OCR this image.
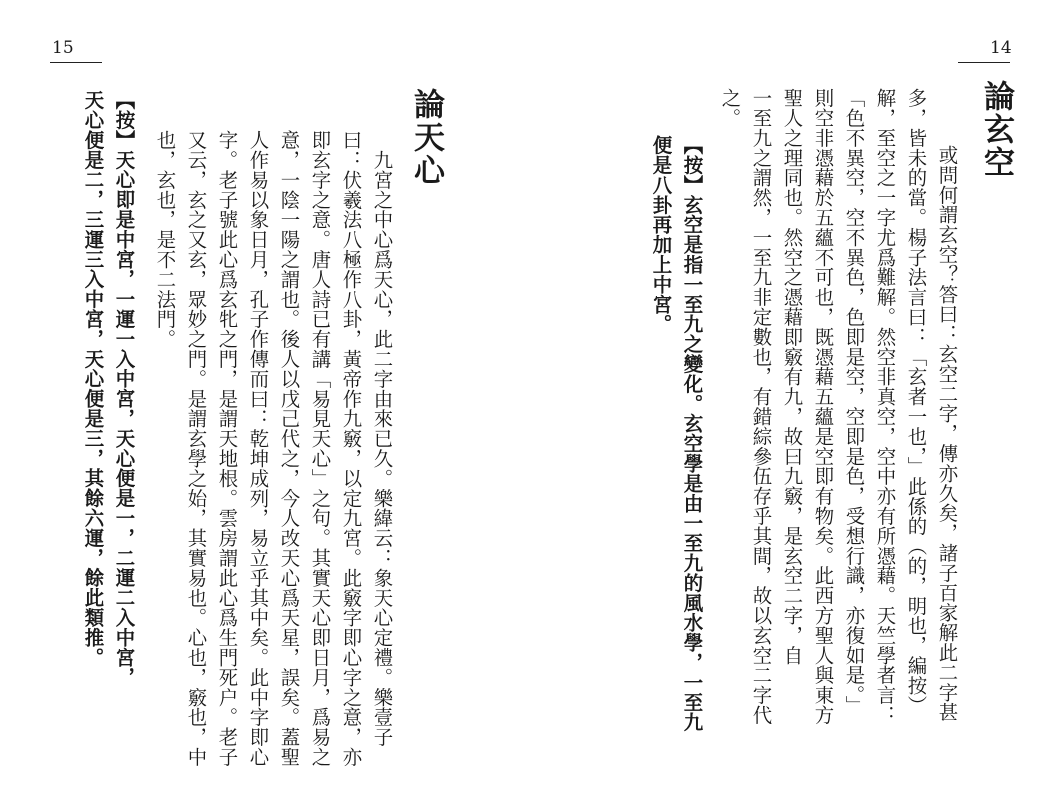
15
論天心
　九宮之中心爲天心，此二字由來已久。樂緯云：象天心定禮。樂壹子
曰：伏羲法八極作八卦，黃帝作九竅，以定九宮。此竅字即心字之意，亦
即玄字之意。唐人詩已有講「易見天心」之句。其實天心即日月，爲易之
意，一陰一陽之謂也。後人以戊己代之，今人改天心爲天星，誤矣。蓋聖
人作易以象日月，孔子作傳而曰：乾坤成列，易立乎其中矣。此中字即心
字。老子號此心爲玄牝之門，是謂天地根。雲房謂此心爲生門死户。老子
又云，玄之又玄，眾妙之門。是謂玄學之始，其實易也。心也，竅也，中
也，玄也，是不二法門。
【按】天心即是中宮，一運一入中宮，天心便是一，二運二入中宮，
天心便是二，三運三入中宮，天心便是三，其餘六運，餘此類推。
14
論玄空
　或問何謂玄空？答曰：玄空二字，傳亦久矣，諸子百家解此二字甚
多，皆未的當。楊子法言曰：「玄者一也，」此係的（的，明也，編按）
解，至空之一字尤爲難解。然空非真空，空中亦有所憑藉。天竺學者言：
「色不異空，空不異色，色即是空，空即是色，受想行識，亦復如是。」
則空非憑藉於五蘊不可也，既憑藉五蘊是空即有物矣。此西方聖人與東方
聖人之理同也。然空之憑藉即竅有九，故曰九竅，是玄空二字，自
一至九之謂然，一至九非定數也，有錯綜參伍存乎其間，故以玄空二字代
之。
【按】玄空是指一至九之變化。玄空學是由一至九的風水學，一至九
便是八卦再加上中宮。
